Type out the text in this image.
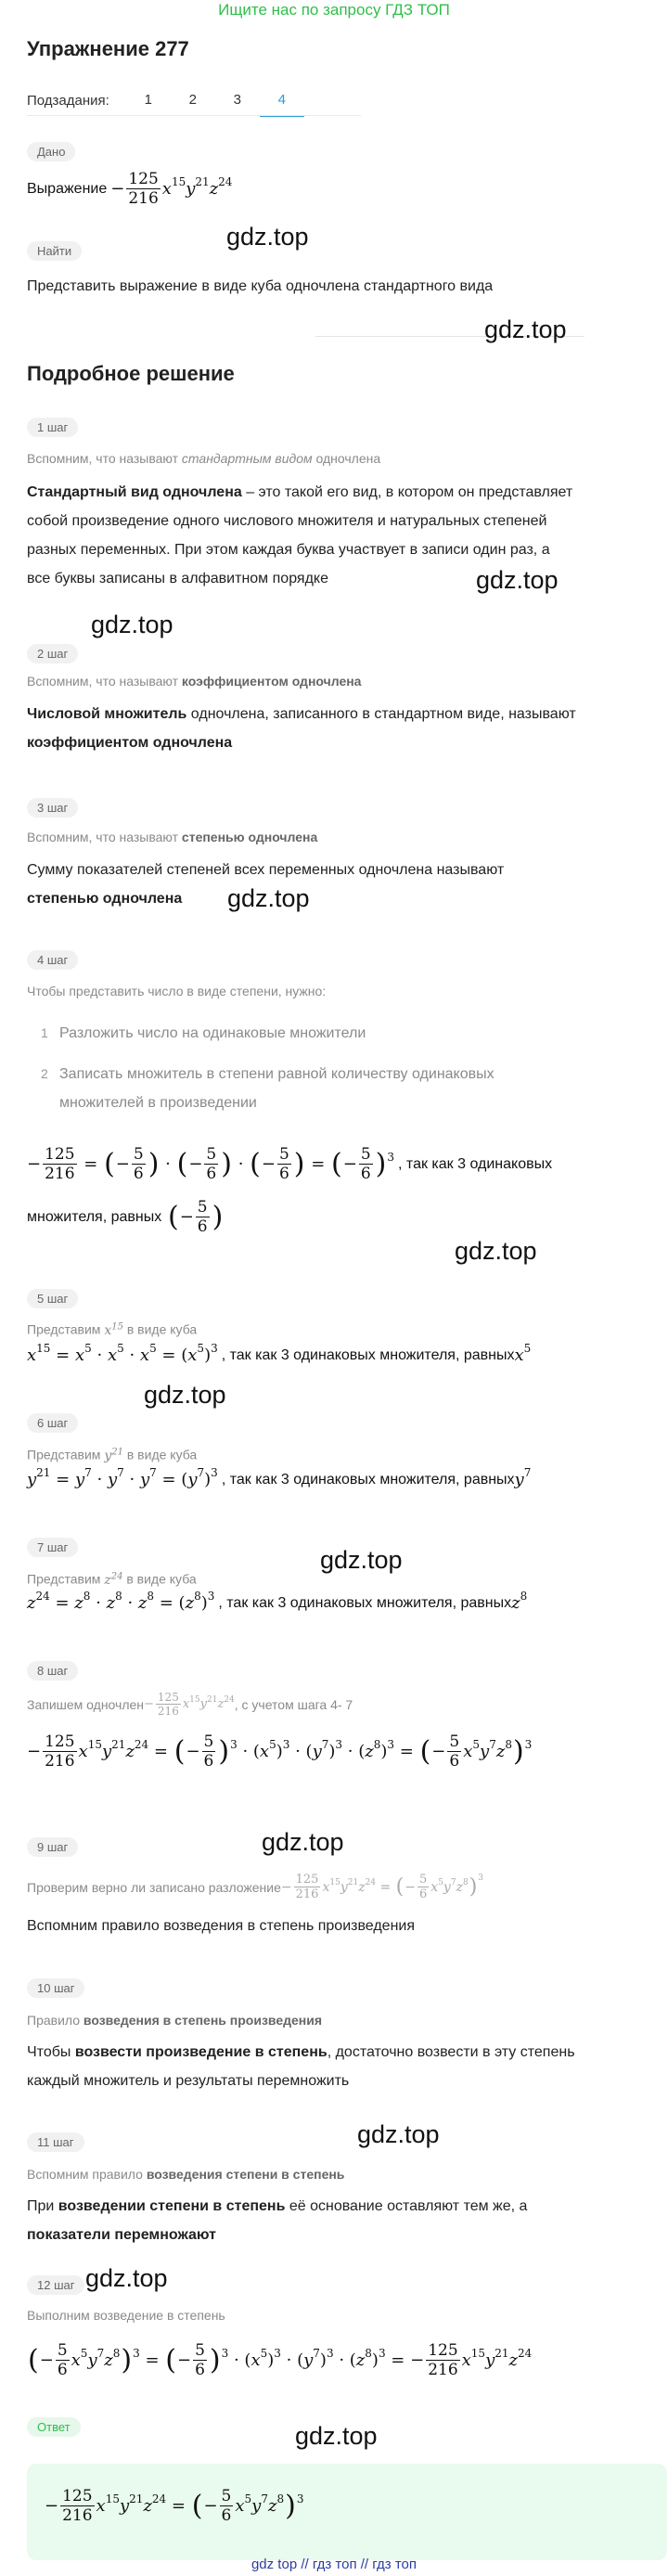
Ищите нас по запросу ГДЗ ТОП
Упражнение 277
Подзадания:	1	2	3	4
Дано
Выражение − $\frac{125}{216} x^{15}$ $y^{21}$ $z^{24}$
gdz.top
Найти
Представить выражение в виде куба одночлена стандартного вида
gdz.top
Подробное решение
1 шаг
Вспомним, что называют стандартным видом одночлена
Стандартный вид одночлена – это такой его вид, в котором он представляет
собой произведение одного числового множителя и натуральных степеней
разных переменных. При этом каждая буква участвует в записи один раз, а
все буквы записаны в алфавитном порядке	gdz.top
gdz.top
2 шаг
Вспомним, что называют коэффициентом одночлена
Числовой множитель одночлена, записанного в стандартном виде, называют
коэффициентом одночлена
3 шаг
Вспомним, что называют степенью одночлена
Сумму показателей степеней всех переменных одночлена называют
степенью одночлена gdz.top
4 шаг
Чтобы представить число в виде степени, нужно:
1 Разложить число на одинаковые множители
2 Записать множитель в степени равной количеству одинаковых
множителей в произведении
− $\frac{125}{216}$ = ( − $\frac{5}{6}$ ) · ( − $\frac{5}{6}$ ) · ( − $\frac{5}{6}$ ) = ( − $\frac{5}{6} )^3$ , так как 3 одинаковых
множителя, равных
( − $\frac{5}{6}$ )
gdz.top
5 шаг
Представим $x^{15}$ в виде куба
$x^{15} = x^5 \cdot x^5 \cdot x^5$ = ( $x^5$ )$^3$ , так как 3 одинаковых множителя, равных $x^5$
gdz.top
6 шаг
Представим $y^{21}$ в виде куба
$y^{21} = y^7 \cdot y^7 \cdot y^7$ = ( $y^7$ )$^3$ , так как 3 одинаковых множителя, равных $y^7$
7 шаг	gdz.top
Представим $z^{24}$ в виде куба
$z^{24} = z^8 \cdot z^8 \cdot z^8$ = ( $z^8$ )$^3$ , так как 3 одинаковых множителя, равных $z^8$
8 шаг
Запишем одночлен − $\frac{125}{216} x^{15}$ $y^{21}$ $z^{24}$ , с учетом шага 4- 7
− $\frac{125}{216} x^{15}$ $y^{21}$ $z^{24}$ = ( − $\frac{5}{6} )^3$ · ( $x^5$ )$^3$ · ( $y^7$ )$^3$ · ( $z^8$ )$^3$ = ( − $\frac{5}{6} x^5$ $y^7$ $z^8$ )$^3$
gdz.top
9 шаг
Проверим верно ли записано разложение − $\frac{125}{216} x^{15}$ $y^{21}$ $z^{24}$ = ( − $\frac{5}{6} x^5$ $y^7$ $z^8$ )$^3$
Вспомним правило возведения в степень произведения
10 шаг
Правило возведения в степень произведения
Чтобы возвести произведение в степень, достаточно возвести в эту степень
каждый множитель и результаты перемножить
gdz.top
11 шаг
Вспомним правило возведения степени в степень
При возведении степени в степень её основание оставляют тем же, а
показатели перемножают
gdz.top
12 шаг
Выполним возведение в степень
( − $\frac{5}{6} x^5$ $y^7$ $z^8$ )$^3$ = ( − $\frac{5}{6} )^3$ · ( $x^5$ )$^3$ · ( $y^7$ )$^3$ · ( $z^8$ )$^3$ = − $\frac{125}{216} x^{15}$ $y^{21}$ $z^{24}$
Ответ	gdz.top
− $\frac{125}{216} x^{15}$ $y^{21}$ $z^{24}$ = ( − $\frac{5}{6} x^5$ $y^7$ $z^8$ )$^3$
gdz top // гдз топ // гдз топ
